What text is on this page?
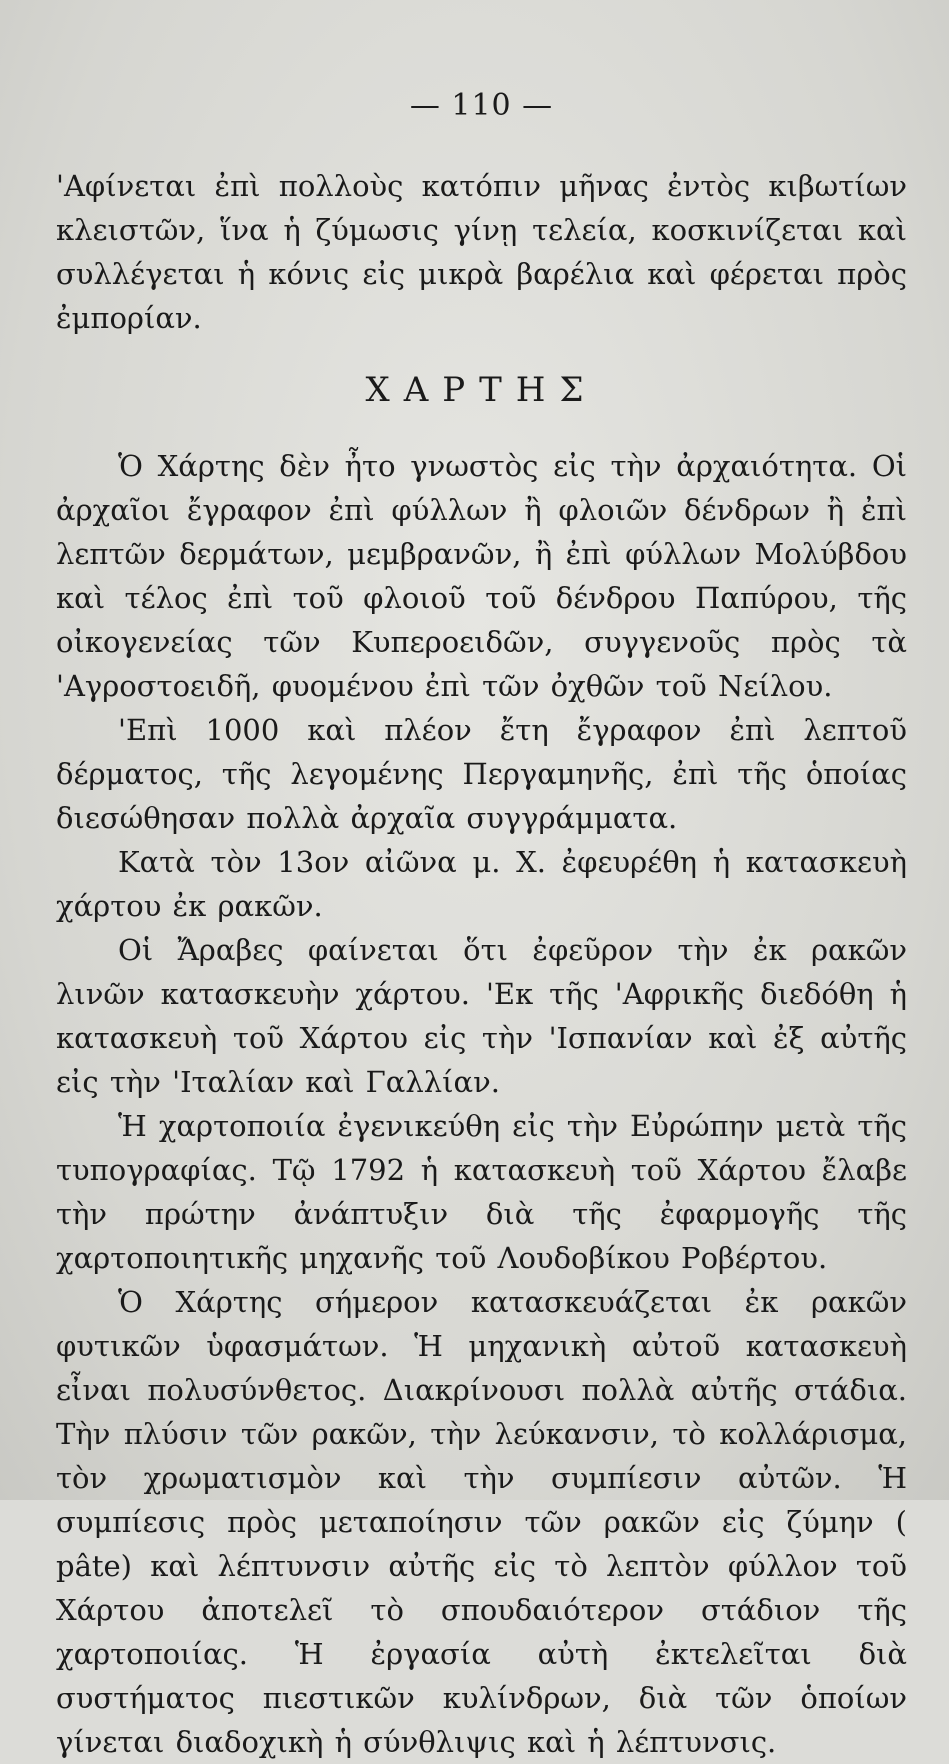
— 110 —

'Αφίνεται ἐπὶ πολλοὺς κατόπιν μῆνας ἐντὸς κιβωτίων κλειστῶν, ἵνα ἡ ζύμωσις γίνῃ τελεία, κοσκινίζεται καὶ συλλέγεται ἡ κόνις εἰς μικρὰ βαρέλια καὶ φέρεται πρὸς ἐμπορίαν.

ΧΑΡΤΗΣ

Ὁ Χάρτης δὲν ἦτο γνωστὸς εἰς τὴν ἀρχαιότητα. Οἱ ἀρχαῖοι ἔγραφον ἐπὶ φύλλων ἢ φλοιῶν δένδρων ἢ ἐπὶ λεπτῶν δερμάτων, μεμβρανῶν, ἢ ἐπὶ φύλλων Μολύβδου καὶ τέλος ἐπὶ τοῦ φλοιοῦ τοῦ δένδρου Παπύρου, τῆς οἰκογενείας τῶν Κυπεροειδῶν, συγγενοῦς πρὸς τὰ 'Αγροστοειδῆ, φυομένου ἐπὶ τῶν ὀχθῶν τοῦ Νείλου.

'Επὶ 1000 καὶ πλέον ἔτη ἔγραφον ἐπὶ λεπτοῦ δέρματος, τῆς λεγομένης Περγαμηνῆς, ἐπὶ τῆς ὁποίας διεσώθησαν πολλὰ ἀρχαῖα συγγράμματα.

Κατὰ τὸν 13ον αἰῶνα μ. Χ. ἐφευρέθη ἡ κατασκευὴ χάρτου ἐκ ρακῶν.

Οἱ Ἄραβες φαίνεται ὅτι ἐφεῦρον τὴν ἐκ ρακῶν λινῶν κατασκευὴν χάρτου. 'Εκ τῆς 'Αφρικῆς διεδόθη ἡ κατασκευὴ τοῦ Χάρτου εἰς τὴν 'Ισπανίαν καὶ ἐξ αὐτῆς εἰς τὴν 'Ιταλίαν καὶ Γαλλίαν.

Ἡ χαρτοποιία ἐγενικεύθη εἰς τὴν Εὐρώπην μετὰ τῆς τυπογραφίας. Τῷ 1792 ἡ κατασκευὴ τοῦ Χάρτου ἔλαβε τὴν πρώτην ἀνάπτυξιν διὰ τῆς ἐφαρμογῆς τῆς χαρτοποιητικῆς μηχανῆς τοῦ Λουδοβίκου Ροβέρτου.

Ὁ Χάρτης σήμερον κατασκευάζεται ἐκ ρακῶν φυτικῶν ὑφασμάτων. Ἡ μηχανικὴ αὐτοῦ κατασκευὴ εἶναι πολυσύνθετος. Διακρίνουσι πολλὰ αὐτῆς στάδια. Τὴν πλύσιν τῶν ρακῶν, τὴν λεύκανσιν, τὸ κολλάρισμα, τὸν χρωματισμὸν καὶ τὴν συμπίεσιν αὐτῶν. Ἡ συμπίεσις πρὸς μεταποίησιν τῶν ρακῶν εἰς ζύμην ( pâte) καὶ λέπτυνσιν αὐτῆς εἰς τὸ λεπτὸν φύλλον τοῦ Χάρτου ἀποτελεῖ τὸ σπουδαιότερον στάδιον τῆς χαρτοποιίας. Ἡ ἐργασία αὐτὴ ἐκτελεῖται διὰ συστήματος πιεστικῶν κυλίνδρων, διὰ τῶν ὁποίων γίνεται διαδοχικὴ ἡ σύνθλιψις καὶ ἡ λέπτυνσις.
